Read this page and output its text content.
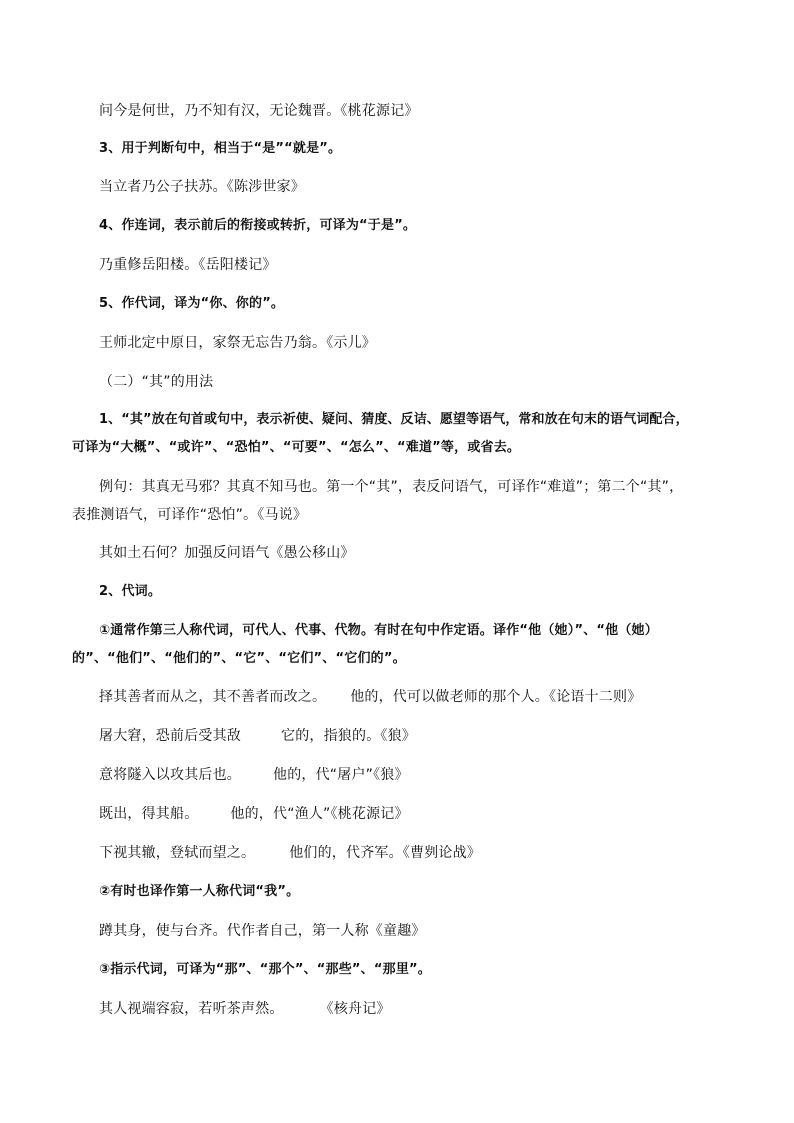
问今是何世，乃不知有汉，无论魏晋。《桃花源记》
3、用于判断句中，相当于“是”“就是”。
当立者乃公子扶苏。《陈涉世家》
4、作连词，表示前后的衔接或转折，可译为“于是”。
乃重修岳阳楼。《岳阳楼记》
5、作代词，译为“你、你的”。
王师北定中原日，家祭无忘告乃翁。《示儿》
（二）“其”的用法
1、“其”放在句首或句中，表示祈使、疑问、猜度、反诘、愿望等语气，常和放在句末的语气词配合，
可译为“大概”、“或许”、“恐怕”、“可要”、“怎么”、“难道”等，或省去。
例句：其真无马邪？其真不知马也。第一个“其”，表反问语气，可译作“难道”；第二个“其”，
表推测语气，可译作“恐怕”。《马说》
其如土石何？加强反问语气《愚公移山》
2、代词。
①通常作第三人称代词，可代人、代事、代物。有时在句中作定语。译作“他（她）”、“他（她）
的”、“他们”、“他们的”、“它”、“它们”、“它们的”。
择其善者而从之，其不善者而改之。 他的，代可以做老师的那个人。《论语十二则》
屠大窘，恐前后受其敌	它的，指狼的。《狼》
意将隧入以攻其后也。 他的，代“屠户”《狼》
既出，得其船。 他的，代“渔人”《桃花源记》
下视其辙，登轼而望之。 他们的，代齐军。《曹刿论战》
②有时也译作第一人称代词“我”。
蹲其身，使与台齐。代作者自己，第一人称《童趣》
③指示代词，可译为“那”、“那个”、“那些”、“那里”。
其人视端容寂，若听茶声然。	《核舟记》
